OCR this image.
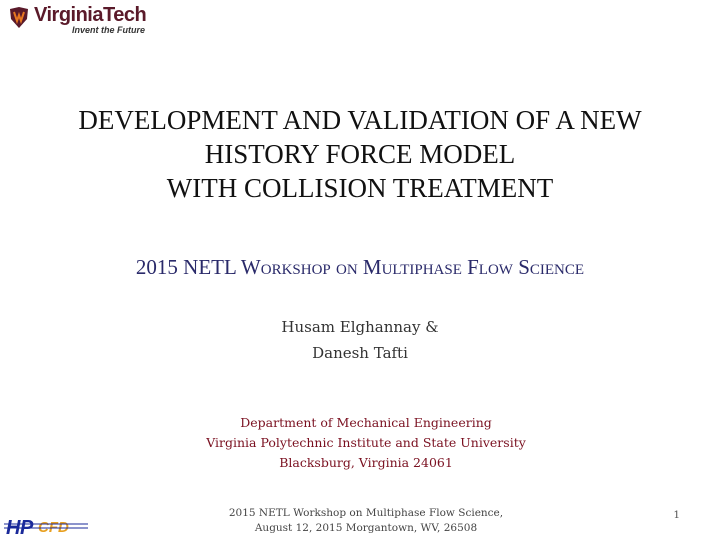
VirginiaTech
Invent the Future
DEVELOPMENT AND VALIDATION OF A NEW
HISTORY FORCE MODEL
WITH COLLISION TREATMENT
2015 NETL Workshop on Multiphase Flow Science
Husam Elghannay &
Danesh Tafti
Department of Mechanical Engineering
Virginia Polytechnic Institute and State University
Blacksburg, Virginia 24061
2015 NETL Workshop on Multiphase Flow Science,
August 12, 2015 Morgantown, WV, 26508
1
H P CFD
